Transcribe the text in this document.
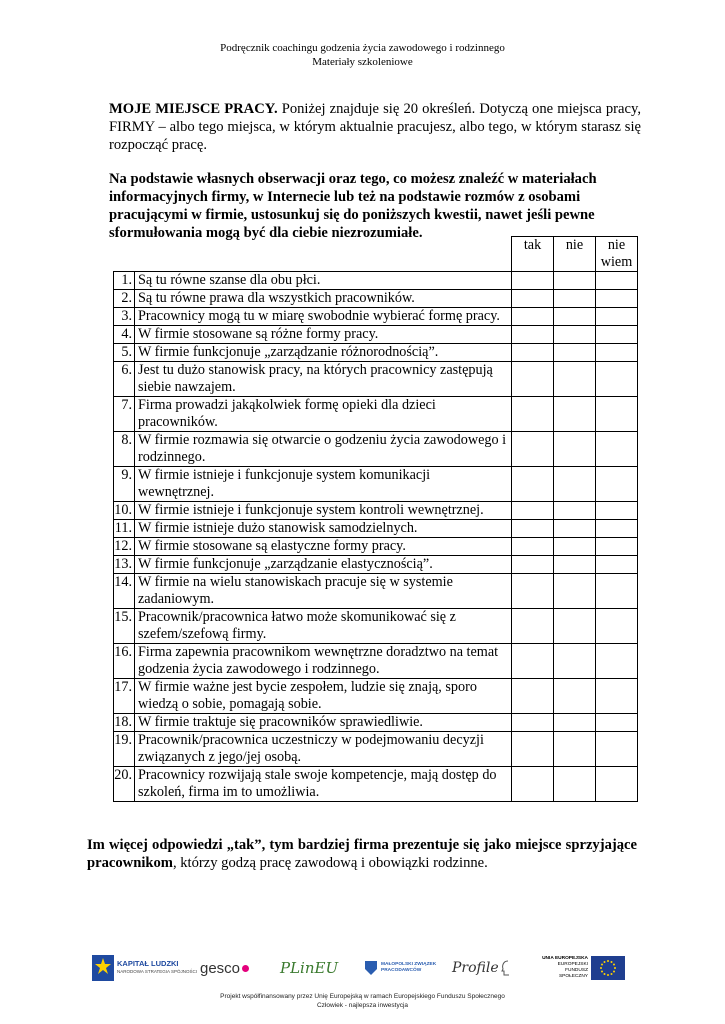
Podręcznik coachingu godzenia życia zawodowego i rodzinnego
Materiały szkoleniowe
MOJE MIEJSCE PRACY. Poniżej znajduje się 20 określeń. Dotyczą one miejsca pracy, FIRMY – albo tego miejsca, w którym aktualnie pracujesz, albo tego, w którym starasz się rozpocząć pracę.
Na podstawie własnych obserwacji oraz tego, co możesz znaleźć w materiałach informacyjnych firmy, w Internecie lub też na podstawie rozmów z osobami pracującymi w firmie, ustosunkuj się do poniższych kwestii, nawet jeśli pewne sformułowania mogą być dla ciebie niezrozumiałe.
		tak	nie	nie wiem
1.	Są tu równe szanse dla obu płci.			
2.	Są tu równe prawa dla wszystkich pracowników.			
3.	Pracownicy mogą tu w miarę swobodnie wybierać formę pracy.			
4.	W firmie stosowane są różne formy pracy.			
5.	W firmie funkcjonuje „zarządzanie różnorodnością”.			
6.	Jest tu dużo stanowisk pracy, na których pracownicy zastępują siebie nawzajem.			
7.	Firma prowadzi jakąkolwiek formę opieki dla dzieci pracowników.			
8.	W firmie rozmawia się otwarcie o godzeniu życia zawodowego i rodzinnego.			
9.	W firmie istnieje i funkcjonuje system komunikacji wewnętrznej.			
10.	W firmie istnieje i funkcjonuje system kontroli wewnętrznej.			
11.	W firmie istnieje dużo stanowisk samodzielnych.			
12.	W firmie stosowane są elastyczne formy pracy.			
13.	W firmie funkcjonuje „zarządzanie elastycznością”.			
14.	W firmie na wielu stanowiskach pracuje się w systemie zadaniowym.			
15.	Pracownik/pracownica łatwo może skomunikować się z szefem/szefową firmy.			
16.	Firma zapewnia pracownikom wewnętrzne doradztwo na temat godzenia życia zawodowego i rodzinnego.			
17.	W firmie ważne jest bycie zespołem, ludzie się znają, sporo wiedzą o sobie, pomagają sobie.			
18.	W firmie traktuje się pracowników sprawiedliwie.			
19.	Pracownik/pracownica uczestniczy w podejmowaniu decyzji związanych z jego/jej osobą.			
20.	Pracownicy rozwijają stale swoje kompetencje, mają dostęp do szkoleń, firma im to umożliwia.			
Im więcej odpowiedzi „tak”, tym bardziej firma prezentuje się jako miejsce sprzyjające pracownikom, którzy godzą pracę zawodową i obowiązki rodzinne.
KAPITAŁ LUDZKI
NARODOWA STRATEGIA SPÓJNOŚCI gesco	PLinEU	MAŁOPOLSKI ZWIĄZEK PRACODAWCÓW	Profile
UNIA EUROPEJSKA
EUROPEJSKI FUNDUSZ SPOŁECZNY
Projekt współfinansowany przez Unię Europejską w ramach Europejskiego Funduszu Społecznego
Człowiek - najlepsza inwestycja
